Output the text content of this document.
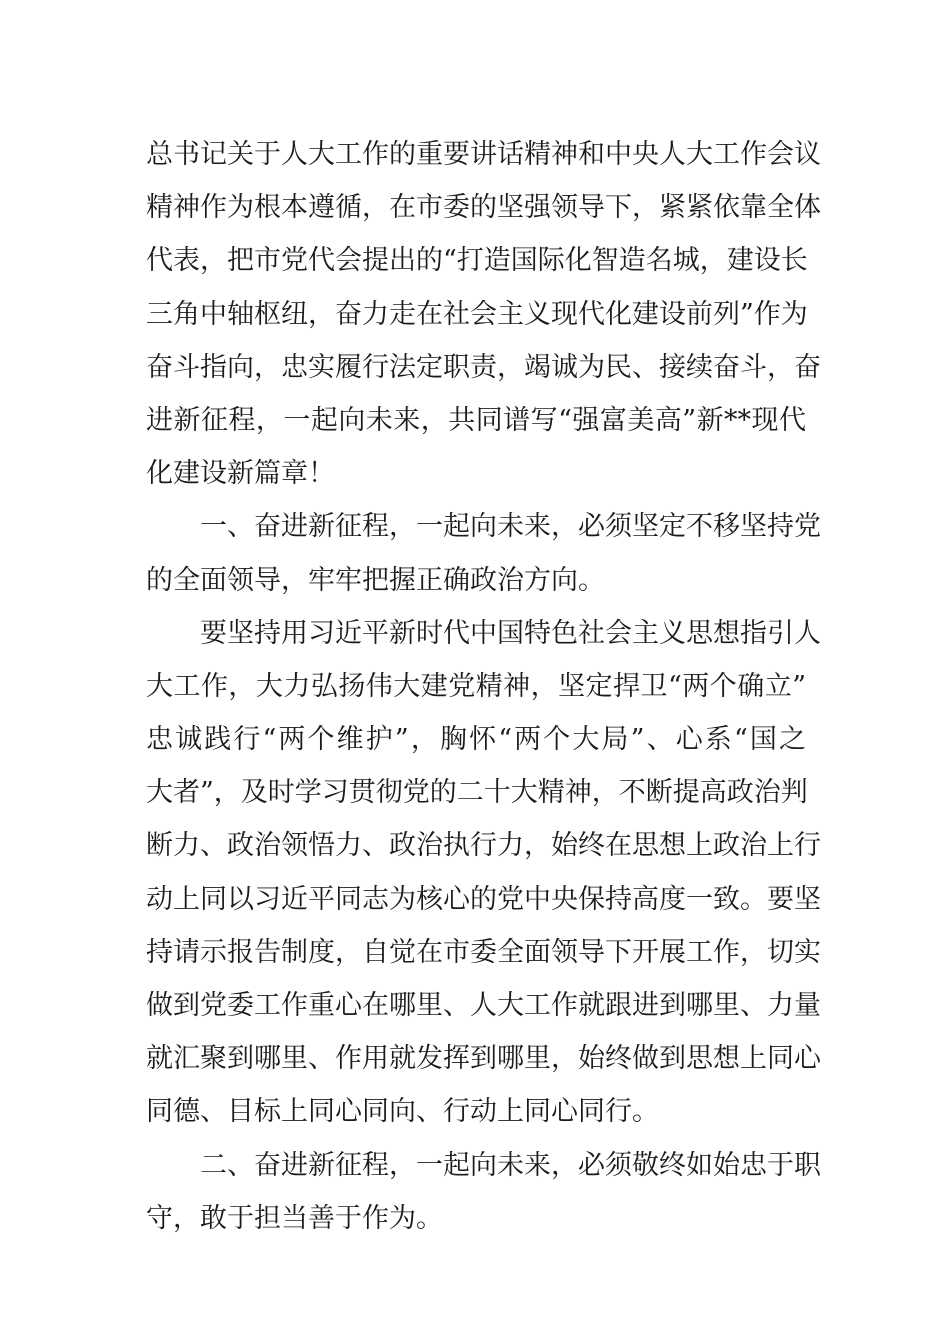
总书记关于人大工作的重要讲话精神和中央人大工作会议
精神作为根本遵循，在市委的坚强领导下，紧紧依靠全体
代表，把市党代会提出的“打造国际化智造名城，建设长
三角中轴枢纽，奋力走在社会主义现代化建设前列”作为
奋斗指向，忠实履行法定职责，竭诚为民、接续奋斗，奋
进新征程，一起向未来，共同谱写“强富美高”新**现代
化建设新篇章！
一、奋进新征程，一起向未来，必须坚定不移坚持党
的全面领导，牢牢把握正确政治方向。
要坚持用习近平新时代中国特色社会主义思想指引人
大工作，大力弘扬伟大建党精神，坚定捍卫“两个确立”
忠诚践行“两个维护”，胸怀“两个大局”、心系“国之
大者”，及时学习贯彻党的二十大精神，不断提高政治判
断力、政治领悟力、政治执行力，始终在思想上政治上行
动上同以习近平同志为核心的党中央保持高度一致。要坚
持请示报告制度，自觉在市委全面领导下开展工作，切实
做到党委工作重心在哪里、人大工作就跟进到哪里、力量
就汇聚到哪里、作用就发挥到哪里，始终做到思想上同心
同德、目标上同心同向、行动上同心同行。
二、奋进新征程，一起向未来，必须敬终如始忠于职
守，敢于担当善于作为。
